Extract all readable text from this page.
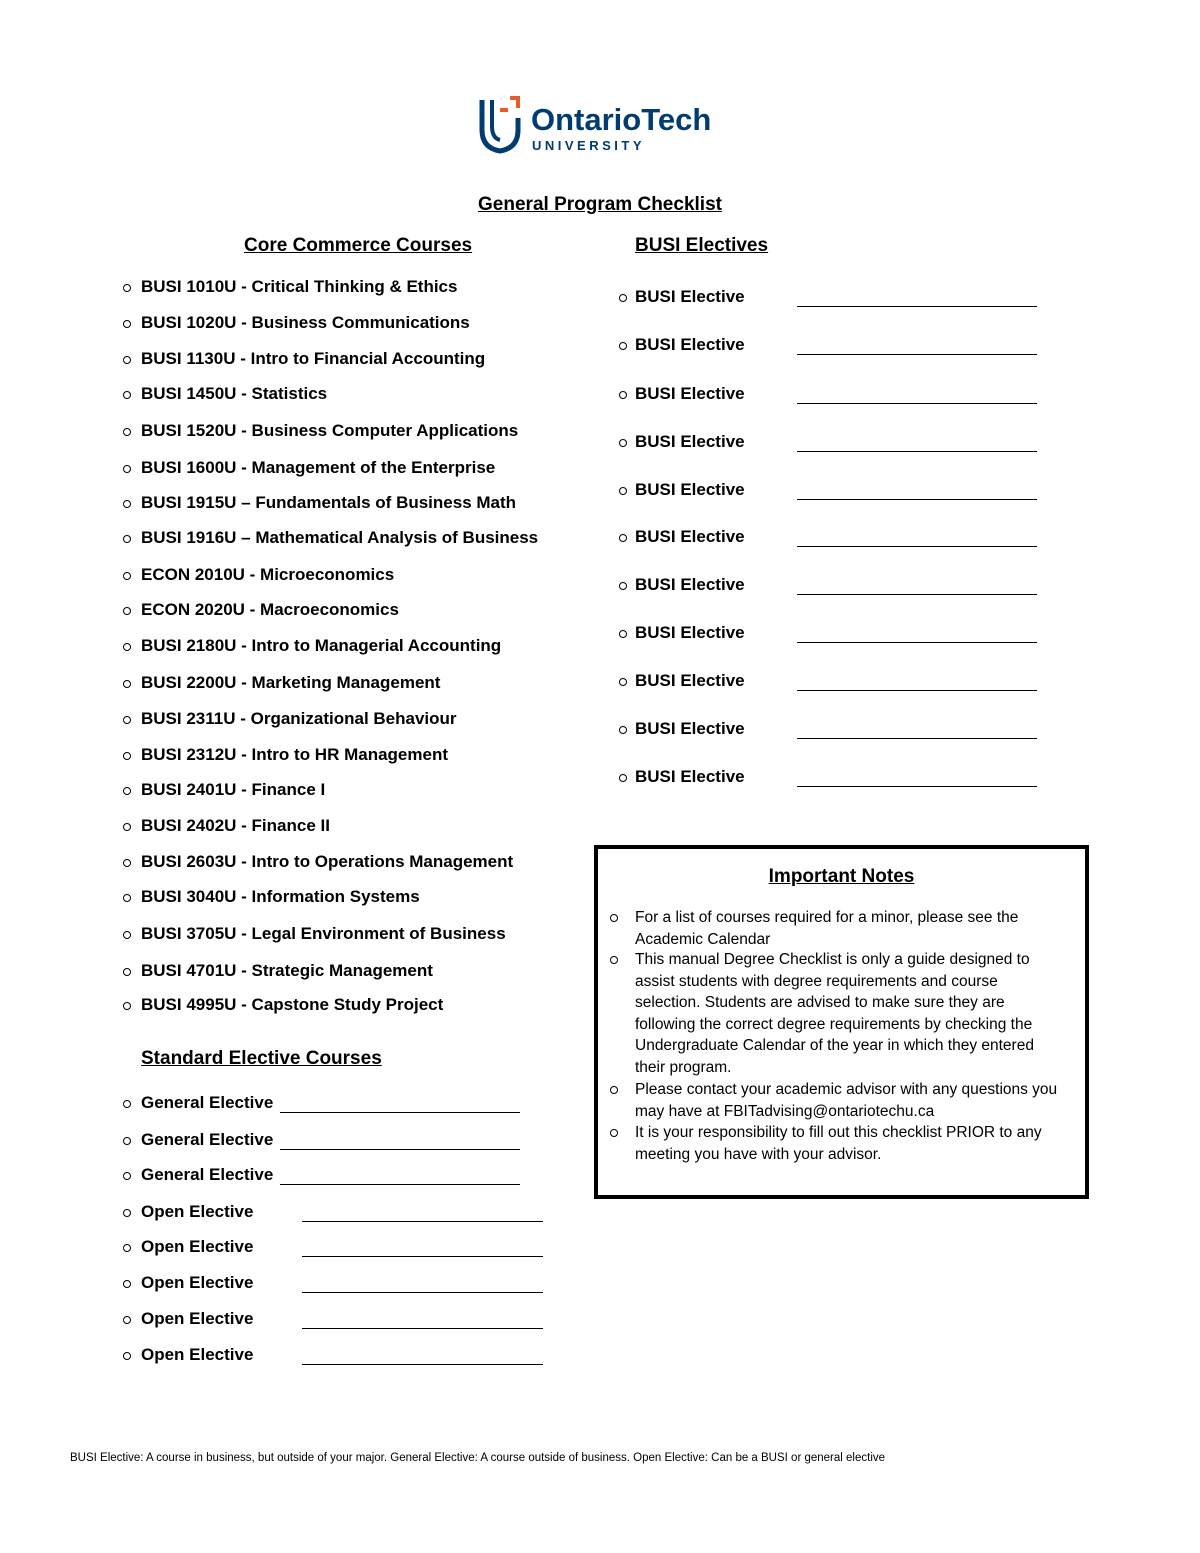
OntarioTech
UNIVERSITY
General Program Checklist
Core Commerce Courses	BUSI Electives
BUSI 1010U - Critical Thinking & Ethics
BUSI 1020U - Business Communications
BUSI 1130U - Intro to Financial Accounting
BUSI 1450U - Statistics
BUSI 1520U - Business Computer Applications
BUSI 1600U - Management of the Enterprise
BUSI 1915U – Fundamentals of Business Math
BUSI 1916U – Mathematical Analysis of Business
ECON 2010U - Microeconomics
ECON 2020U - Macroeconomics
BUSI 2180U - Intro to Managerial Accounting
BUSI 2200U - Marketing Management
BUSI 2311U - Organizational Behaviour
BUSI 2312U - Intro to HR Management
BUSI 2401U - Finance I
BUSI 2402U - Finance II
BUSI 2603U - Intro to Operations Management
BUSI 3040U - Information Systems
BUSI 3705U - Legal Environment of Business
BUSI 4701U - Strategic Management
BUSI 4995U - Capstone Study Project
BUSI Elective
BUSI Elective
BUSI Elective
BUSI Elective
BUSI Elective
BUSI Elective
BUSI Elective
BUSI Elective
BUSI Elective
BUSI Elective
BUSI Elective
Standard Elective Courses
General Elective
General Elective
General Elective
Open Elective
Open Elective
Open Elective
Open Elective
Open Elective
Important Notes
For a list of courses required for a minor, please see the Academic Calendar
This manual Degree Checklist is only a guide designed to assist students with degree requirements and course selection. Students are advised to make sure they are following the correct degree requirements by checking the Undergraduate Calendar of the year in which they entered their program.
Please contact your academic advisor with any questions you may have at FBITadvising@ontariotechu.ca
It is your responsibility to fill out this checklist PRIOR to any meeting you have with your advisor.
BUSI Elective: A course in business, but outside of your major. General Elective: A course outside of business. Open Elective: Can be a BUSI or general elective
